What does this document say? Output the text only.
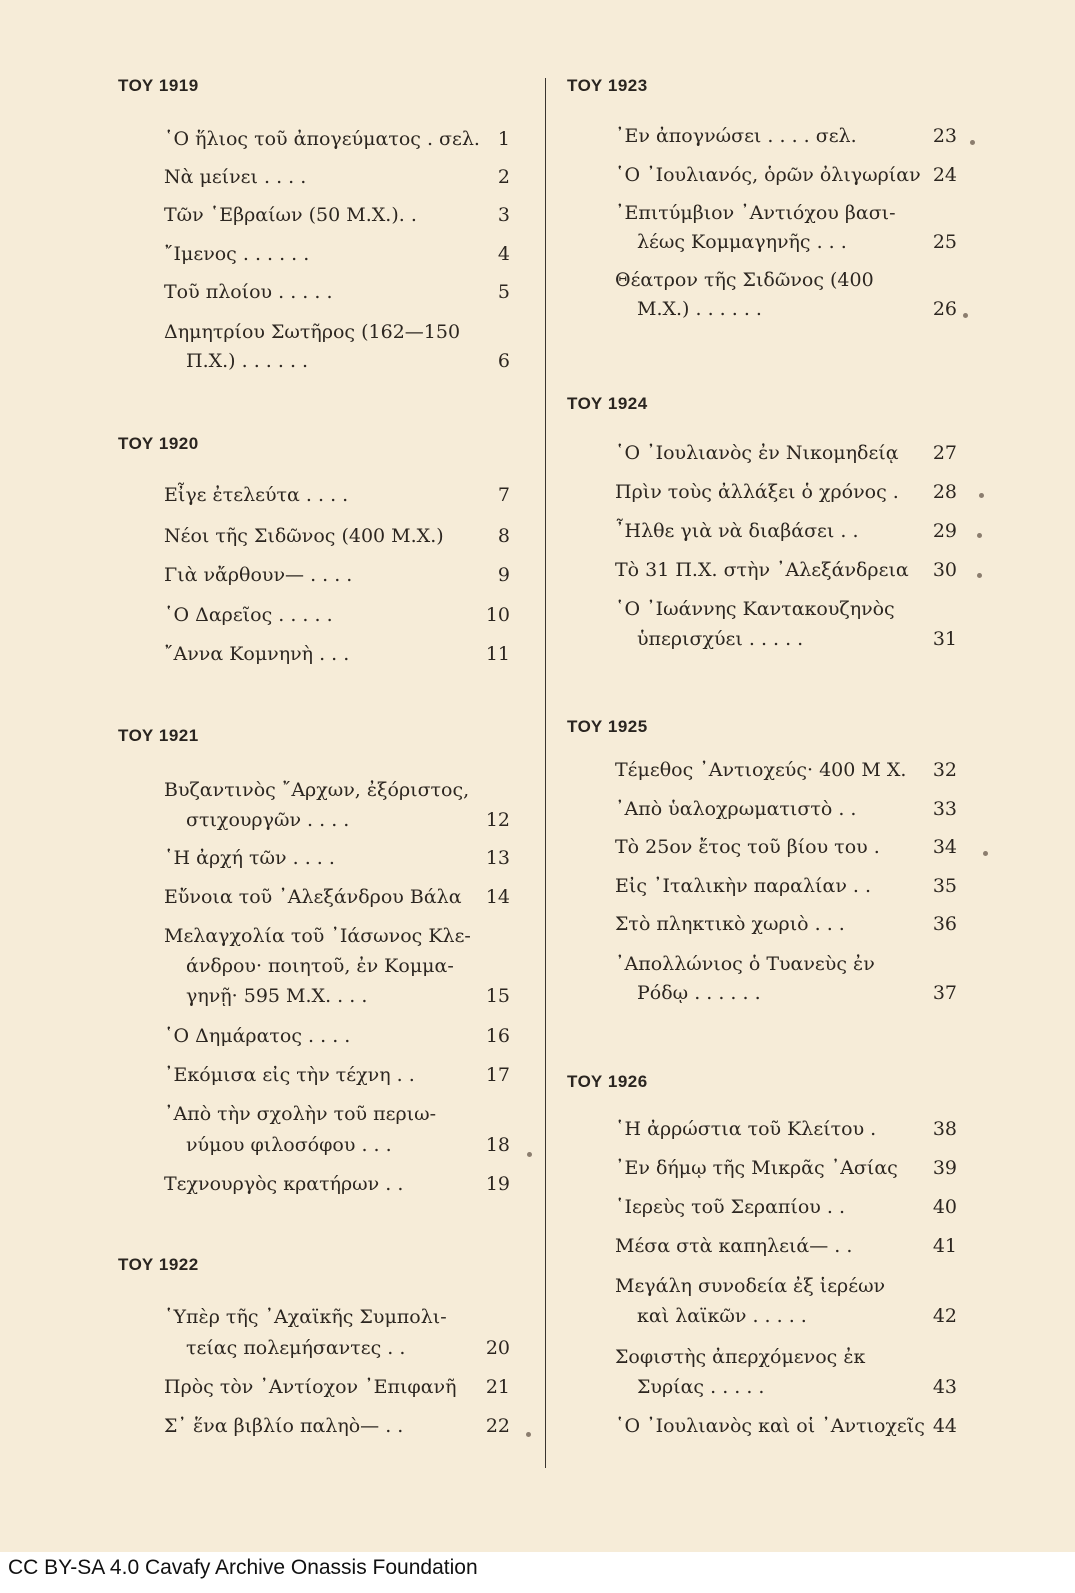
ΤΟΥ 1919
῾Ο ἥλιος τοῦ ἀπογεύματος . σελ. 1
Νὰ μείνει . . . .	2
Τῶν ῾Εβραίων (50 Μ.Χ.). .	3
῎Ιμενος . . . . . .	4
Τοῦ πλοίου . . . . .	5
Δημητρίου Σωτῆρος (162—150
Π.Χ.) . . . . . .	6
ΤΟΥ 1920
Εἶγε ἐτελεύτα . . . .	7
Νέοι τῆς Σιδῶνος (400 Μ.Χ.)	8
Γιὰ νἄρθουν— . . . .	9
῾Ο Δαρεῖος . . . . .	10
῎Αννα Κομνηνὴ . . .	11
ΤΟΥ 1921
Βυζαντινὸς ῎Αρχων, ἐξόριστος,
στιχουργῶν . . . .	12
῾Η ἀρχή τῶν . . . .	13
Εὔνοια τοῦ ᾿Αλεξάνδρου Βάλα	14
Μελαγχολία τοῦ ᾿Ιάσωνος Κλε-
άνδρου· ποιητοῦ, ἐν Κομμα-
γηνῇ· 595 Μ.Χ. . . .	15
῾Ο Δημάρατος . . . .	16
᾿Εκόμισα εἰς τὴν τέχνη . .	17
᾿Απὸ τὴν σχολὴν τοῦ περιω-
νύμου φιλοσόφου . . .	18
Τεχνουργὸς κρατήρων . .	19
ΤΟΥ 1922
῾Υπὲρ τῆς ᾿Αχαϊκῆς Συμπολι-
τείας πολεμήσαντες . .	20
Πρὸς τὸν ᾿Αντίοχον ᾿Επιφανῆ	21
Σ᾿ ἕνα βιβλίο παληὸ— . .	22
ΤΟΥ 1923
᾿Εν ἀπογνώσει . . . . σελ.	23
῾Ο ᾿Ιουλιανός, ὁρῶν ὀλιγωρίαν 24
᾿Επιτύμβιον ᾿Αντιόχου βασι-
λέως Κομμαγηνῆς . . .	25
Θέατρον τῆς Σιδῶνος (400
Μ.Χ.) . . . . . .	26
ΤΟΥ 1924
῾Ο ᾿Ιουλιανὸς ἐν Νικομηδείᾳ	27
Πρὶν τοὺς ἀλλάξει ὁ χρόνος .	28
῏Ηλθε γιὰ νὰ διαβάσει . .	29
Τὸ 31 Π.Χ. στὴν ᾿Αλεξάνδρεια	30
῾Ο ᾿Ιωάννης Καντακουζηνὸς
ὑπερισχύει . . . . .	31
ΤΟΥ 1925
Τέμεθος ᾿Αντιοχεύς· 400 Μ Χ.	32
᾿Απὸ ὑαλοχρωματιστὸ . .	33
Τὸ 25ον ἔτος τοῦ βίου του .	34
Εἰς ᾿Ιταλικὴν παραλίαν . .	35
Στὸ πληκτικὸ χωριὸ . . .	36
᾿Απολλώνιος ὁ Τυανεὺς ἐν
Ρόδῳ . . . . . .	37
ΤΟΥ 1926
῾Η ἀρρώστια τοῦ Κλείτου .	38
᾿Εν δήμῳ τῆς Μικρᾶς ᾿Ασίας	39
῾Ιερεὺς τοῦ Σεραπίου . .	40
Μέσα στὰ καπηλειά— . .	41
Μεγάλη συνοδεία ἐξ ἱερέων
καὶ λαϊκῶν . . . . .	42
Σοφιστὴς ἀπερχόμενος ἐκ
Συρίας . . . . .	43
῾Ο ᾿Ιουλιανὸς καὶ οἱ ᾿Αντιοχεῖς 44
CC BY-SA 4.0 Cavafy Archive Onassis Foundation
